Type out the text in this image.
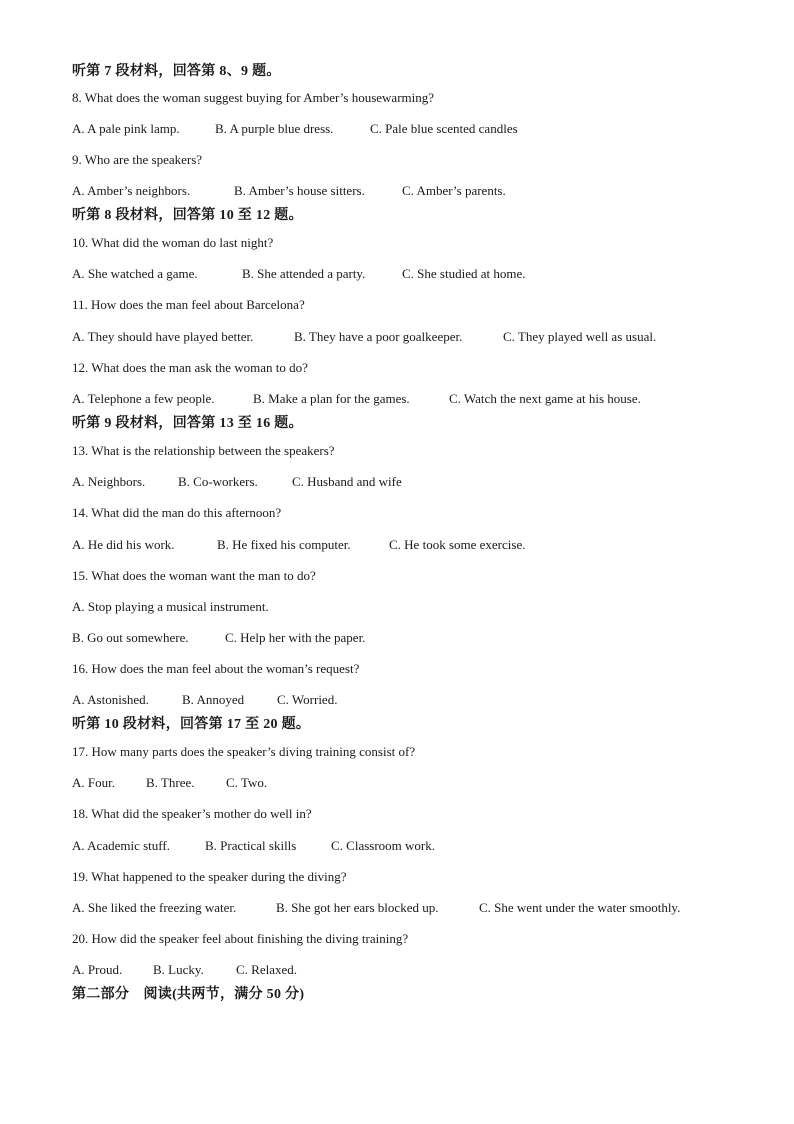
听第 7 段材料，回答第 8、9 题。
8. What does the woman suggest buying for Amber’s housewarming?
A. A pale pink lamp.	B. A purple blue dress.	C. Pale blue scented candles
9. Who are the speakers?
A. Amber’s neighbors.	B. Amber’s house sitters.	C. Amber’s parents.
听第 8 段材料，回答第 10 至 12 题。
10. What did the woman do last night?
A. She watched a game.	B. She attended a party.	C. She studied at home.
11. How does the man feel about Barcelona?
A. They should have played better.	B. They have a poor goalkeeper.	C. They played well as usual.
12. What does the man ask the woman to do?
A. Telephone a few people.	B. Make a plan for the games.	C. Watch the next game at his house.
听第 9 段材料，回答第 13 至 16 题。
13. What is the relationship between the speakers?
A. Neighbors.	B. Co-workers.	C. Husband and wife
14. What did the man do this afternoon?
A. He did his work.	B. He fixed his computer.	C. He took some exercise.
15. What does the woman want the man to do?
A. Stop playing a musical instrument.
B. Go out somewhere.	C. Help her with the paper.
16. How does the man feel about the woman’s request?
A. Astonished.	B. Annoyed	C. Worried.
听第 10 段材料，回答第 17 至 20 题。
17. How many parts does the speaker’s diving training consist of?
A. Four.	B. Three.	C. Two.
18. What did the speaker’s mother do well in?
A. Academic stuff.	B. Practical skills	C. Classroom work.
19. What happened to the speaker during the diving?
A. She liked the freezing water.	B. She got her ears blocked up.	C. She went under the water smoothly.
20. How did the speaker feel about finishing the diving training?
A. Proud.	B. Lucky.	C. Relaxed.
第二部分　阅读(共两节，满分 50 分)
